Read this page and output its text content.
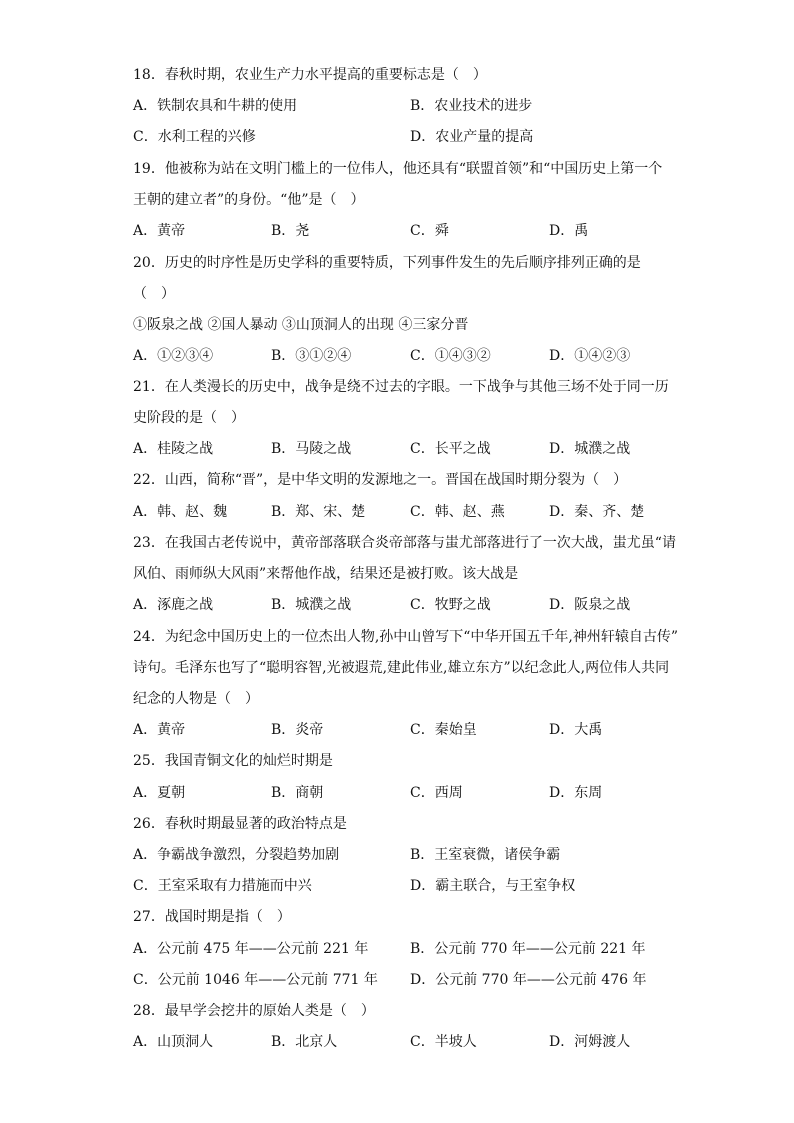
18．春秋时期，农业生产力水平提高的重要标志是（　）
A．铁制农具和牛耕的使用	B．农业技术的进步
C．水利工程的兴修	D．农业产量的提高
19．他被称为站在文明门槛上的一位伟人，他还具有“联盟首领”和“中国历史上第一个
王朝的建立者”的身份。“他”是（　）
A．黄帝	B．尧	C．舜	D．禹
20．历史的时序性是历史学科的重要特质，下列事件发生的先后顺序排列正确的是
（　）
①阪泉之战 ②国人暴动 ③山顶洞人的出现 ④三家分晋
A．①②③④	B．③①②④	C．①④③②	D．①④②③
21．在人类漫长的历史中，战争是绕不过去的字眼。一下战争与其他三场不处于同一历
史阶段的是（　）
A．桂陵之战	B．马陵之战	C．长平之战	D．城濮之战
22．山西，简称“晋”，是中华文明的发源地之一。晋国在战国时期分裂为（　）
A．韩、赵、魏	B．郑、宋、楚	C．韩、赵、燕	D．秦、齐、楚
23．在我国古老传说中，黄帝部落联合炎帝部落与蚩尤部落进行了一次大战，蚩尤虽“请
风伯、雨师纵大风雨”来帮他作战，结果还是被打败。该大战是
A．涿鹿之战	B．城濮之战	C．牧野之战	D．阪泉之战
24．为纪念中国历史上的一位杰出人物,孙中山曾写下“中华开国五千年,神州轩辕自古传”
诗句。毛泽东也写了“聪明容智,光被遐荒,建此伟业,雄立东方”以纪念此人,两位伟人共同
纪念的人物是（　）
A．黄帝	B．炎帝	C．秦始皇	D．大禹
25．我国青铜文化的灿烂时期是
A．夏朝	B．商朝	C．西周	D．东周
26．春秋时期最显著的政治特点是
A．争霸战争激烈，分裂趋势加剧	B．王室衰微，诸侯争霸
C．王室采取有力措施而中兴	D．霸主联合，与王室争权
27．战国时期是指（　）
A．公元前 475 年——公元前 221 年	B．公元前 770 年——公元前 221 年
C．公元前 1046 年——公元前 771 年 D．公元前 770 年——公元前 476 年
28．最早学会挖井的原始人类是（　）
A．山顶洞人	B．北京人	C．半坡人	D．河姆渡人
